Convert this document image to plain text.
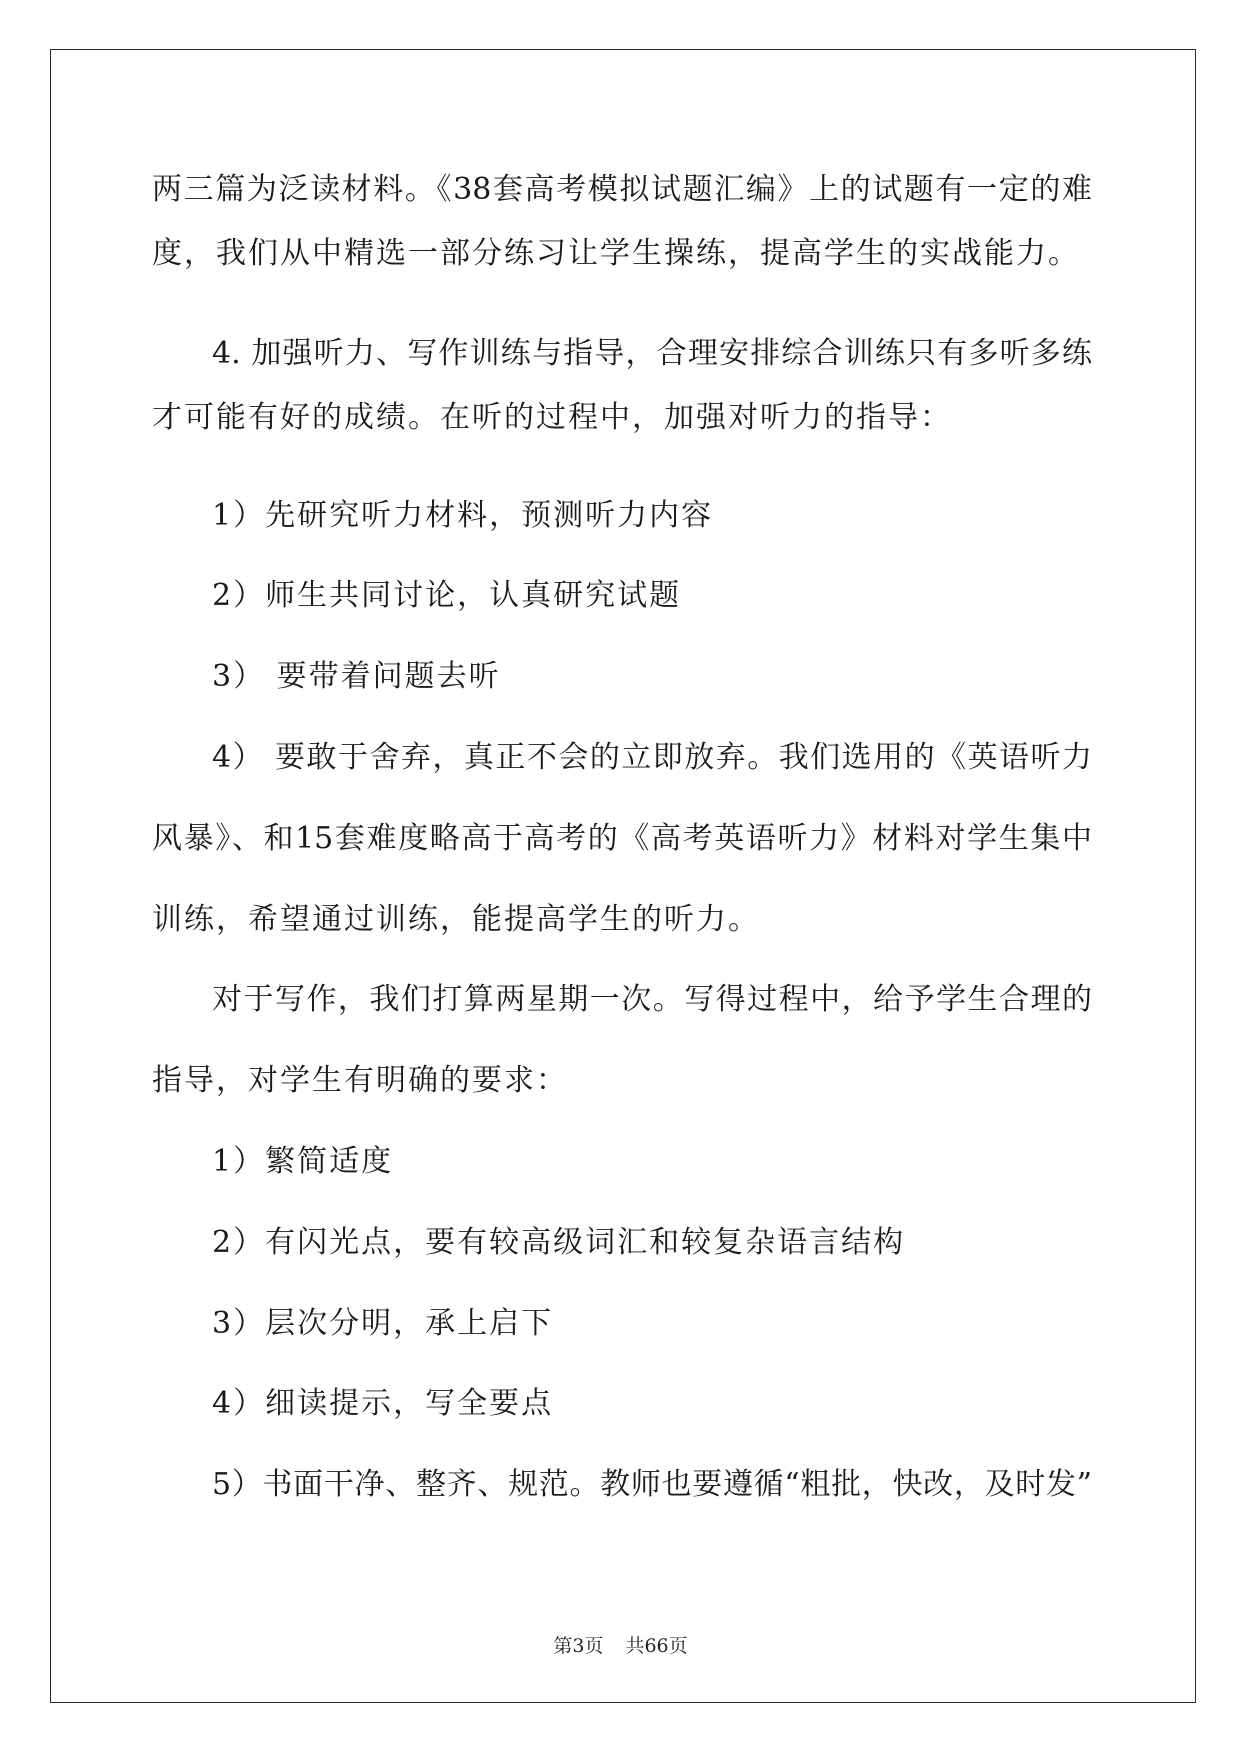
两三篇为泛读材料。《38套高考模拟试题汇编》上的试题有一定的难
度，我们从中精选一部分练习让学生操练，提高学生的实战能力。
4. 加强听力、写作训练与指导，合理安排综合训练只有多听多练
才可能有好的成绩。在听的过程中，加强对听力的指导：
1）先研究听力材料，预测听力内容
2）师生共同讨论，认真研究试题
3） 要带着问题去听
4） 要敢于舍弃，真正不会的立即放弃。我们选用的《英语听力
风暴》、和15套难度略高于高考的《高考英语听力》材料对学生集中
训练，希望通过训练，能提高学生的听力。
对于写作，我们打算两星期一次。写得过程中，给予学生合理的
指导，对学生有明确的要求：
1）繁简适度
2）有闪光点，要有较高级词汇和较复杂语言结构
3）层次分明，承上启下
4）细读提示，写全要点
5）书面干净、整齐、规范。教师也要遵循“粗批，快改，及时发”
第3页 共66页
